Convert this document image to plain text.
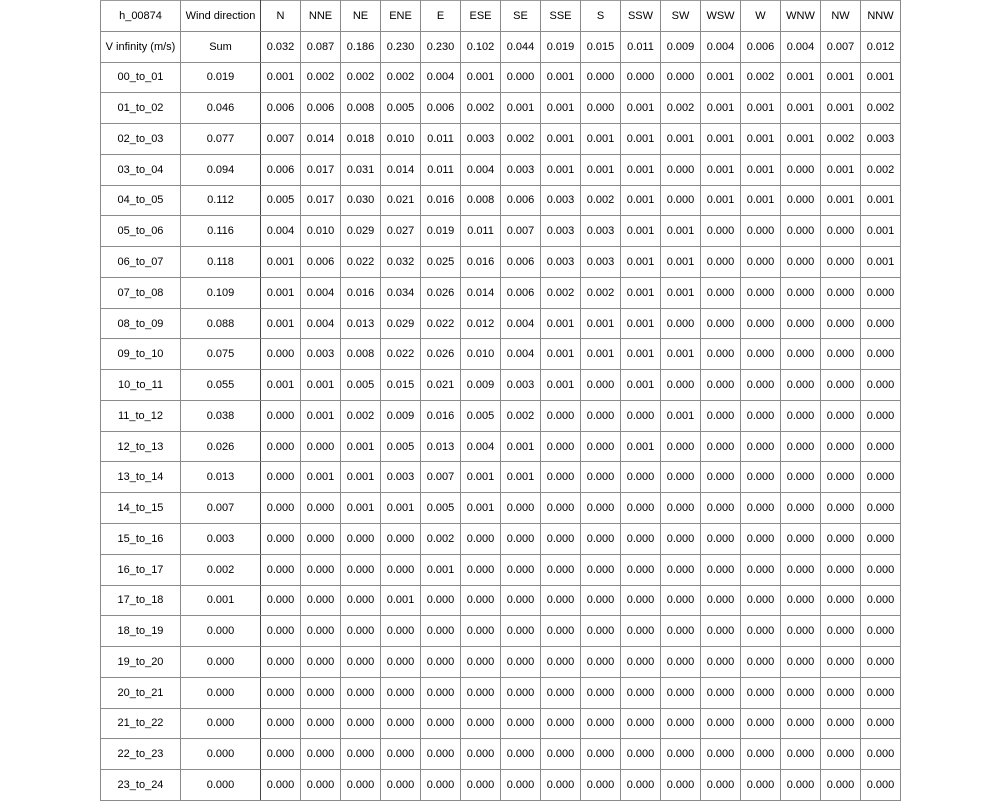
h_00874	Wind direction	N	NNE	NE	ENE	E	ESE	SE	SSE	S	SSW	SW	WSW	W	WNW	NW	NNW
V infinity (m/s)	Sum	0.032	0.087	0.186	0.230	0.230	0.102	0.044	0.019	0.015	0.011	0.009	0.004	0.006	0.004	0.007	0.012
00_to_01	0.019	0.001	0.002	0.002	0.002	0.004	0.001	0.000	0.001	0.000	0.000	0.000	0.001	0.002	0.001	0.001	0.001
01_to_02	0.046	0.006	0.006	0.008	0.005	0.006	0.002	0.001	0.001	0.000	0.001	0.002	0.001	0.001	0.001	0.001	0.002
02_to_03	0.077	0.007	0.014	0.018	0.010	0.011	0.003	0.002	0.001	0.001	0.001	0.001	0.001	0.001	0.001	0.002	0.003
03_to_04	0.094	0.006	0.017	0.031	0.014	0.011	0.004	0.003	0.001	0.001	0.001	0.000	0.001	0.001	0.000	0.001	0.002
04_to_05	0.112	0.005	0.017	0.030	0.021	0.016	0.008	0.006	0.003	0.002	0.001	0.000	0.001	0.001	0.000	0.001	0.001
05_to_06	0.116	0.004	0.010	0.029	0.027	0.019	0.011	0.007	0.003	0.003	0.001	0.001	0.000	0.000	0.000	0.000	0.001
06_to_07	0.118	0.001	0.006	0.022	0.032	0.025	0.016	0.006	0.003	0.003	0.001	0.001	0.000	0.000	0.000	0.000	0.001
07_to_08	0.109	0.001	0.004	0.016	0.034	0.026	0.014	0.006	0.002	0.002	0.001	0.001	0.000	0.000	0.000	0.000	0.000
08_to_09	0.088	0.001	0.004	0.013	0.029	0.022	0.012	0.004	0.001	0.001	0.001	0.000	0.000	0.000	0.000	0.000	0.000
09_to_10	0.075	0.000	0.003	0.008	0.022	0.026	0.010	0.004	0.001	0.001	0.001	0.001	0.000	0.000	0.000	0.000	0.000
10_to_11	0.055	0.001	0.001	0.005	0.015	0.021	0.009	0.003	0.001	0.000	0.001	0.000	0.000	0.000	0.000	0.000	0.000
11_to_12	0.038	0.000	0.001	0.002	0.009	0.016	0.005	0.002	0.000	0.000	0.000	0.001	0.000	0.000	0.000	0.000	0.000
12_to_13	0.026	0.000	0.000	0.001	0.005	0.013	0.004	0.001	0.000	0.000	0.001	0.000	0.000	0.000	0.000	0.000	0.000
13_to_14	0.013	0.000	0.001	0.001	0.003	0.007	0.001	0.001	0.000	0.000	0.000	0.000	0.000	0.000	0.000	0.000	0.000
14_to_15	0.007	0.000	0.000	0.001	0.001	0.005	0.001	0.000	0.000	0.000	0.000	0.000	0.000	0.000	0.000	0.000	0.000
15_to_16	0.003	0.000	0.000	0.000	0.000	0.002	0.000	0.000	0.000	0.000	0.000	0.000	0.000	0.000	0.000	0.000	0.000
16_to_17	0.002	0.000	0.000	0.000	0.000	0.001	0.000	0.000	0.000	0.000	0.000	0.000	0.000	0.000	0.000	0.000	0.000
17_to_18	0.001	0.000	0.000	0.000	0.001	0.000	0.000	0.000	0.000	0.000	0.000	0.000	0.000	0.000	0.000	0.000	0.000
18_to_19	0.000	0.000	0.000	0.000	0.000	0.000	0.000	0.000	0.000	0.000	0.000	0.000	0.000	0.000	0.000	0.000	0.000
19_to_20	0.000	0.000	0.000	0.000	0.000	0.000	0.000	0.000	0.000	0.000	0.000	0.000	0.000	0.000	0.000	0.000	0.000
20_to_21	0.000	0.000	0.000	0.000	0.000	0.000	0.000	0.000	0.000	0.000	0.000	0.000	0.000	0.000	0.000	0.000	0.000
21_to_22	0.000	0.000	0.000	0.000	0.000	0.000	0.000	0.000	0.000	0.000	0.000	0.000	0.000	0.000	0.000	0.000	0.000
22_to_23	0.000	0.000	0.000	0.000	0.000	0.000	0.000	0.000	0.000	0.000	0.000	0.000	0.000	0.000	0.000	0.000	0.000
23_to_24	0.000	0.000	0.000	0.000	0.000	0.000	0.000	0.000	0.000	0.000	0.000	0.000	0.000	0.000	0.000	0.000	0.000
